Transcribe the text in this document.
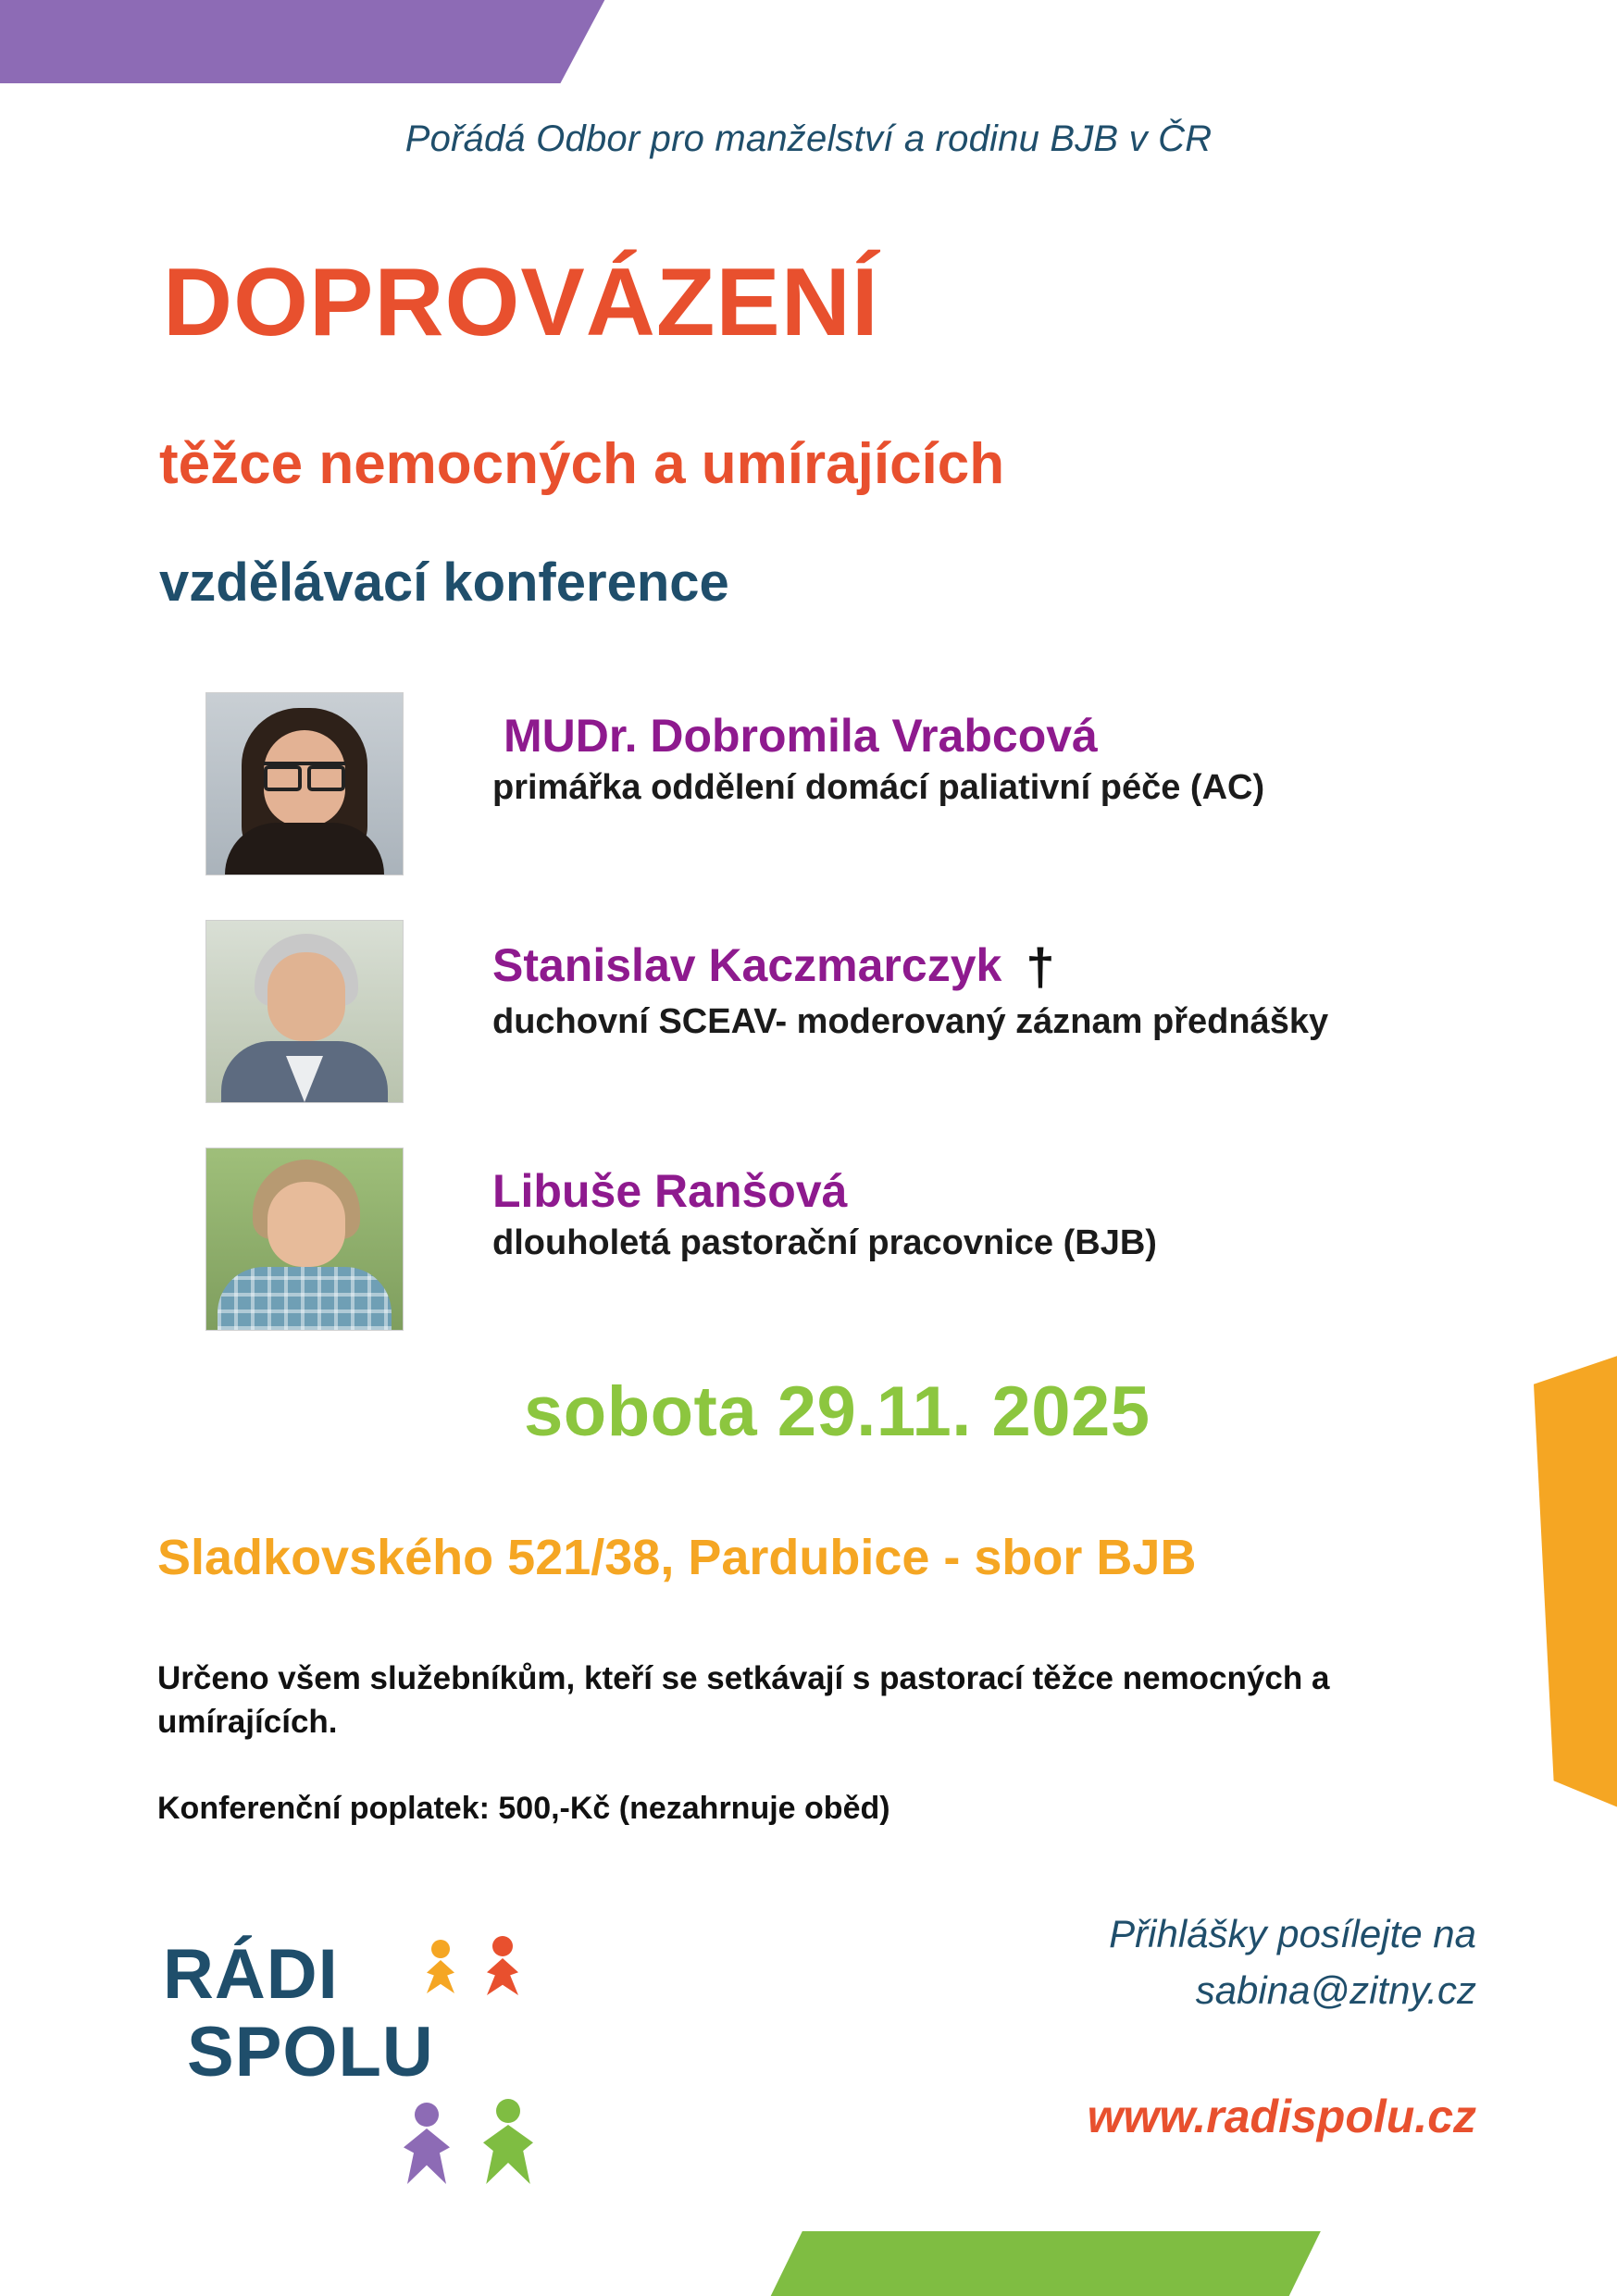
Pořádá Odbor pro manželství a rodinu BJB v ČR
DOPROVÁZENÍ
těžce nemocných a umírajících
vzdělávací konference
MUDr. Dobromila Vrabcová
primářka oddělení domácí paliativní péče (AC)
Stanislav Kaczmarczyk †
duchovní SCEAV- moderovaný záznam přednášky
Libuše Ranšová
dlouholetá pastorační pracovnice (BJB)
sobota 29.11. 2025
Sladkovského 521/38, Pardubice - sbor BJB
Určeno všem služebníkům, kteří se setkávají s pastorací těžce nemocných a umírajících.
Konferenční poplatek: 500,-Kč (nezahrnuje oběd)
Přihlášky posílejte na
sabina@zitny.cz
www.radispolu.cz
RÁDI
SPOLU
